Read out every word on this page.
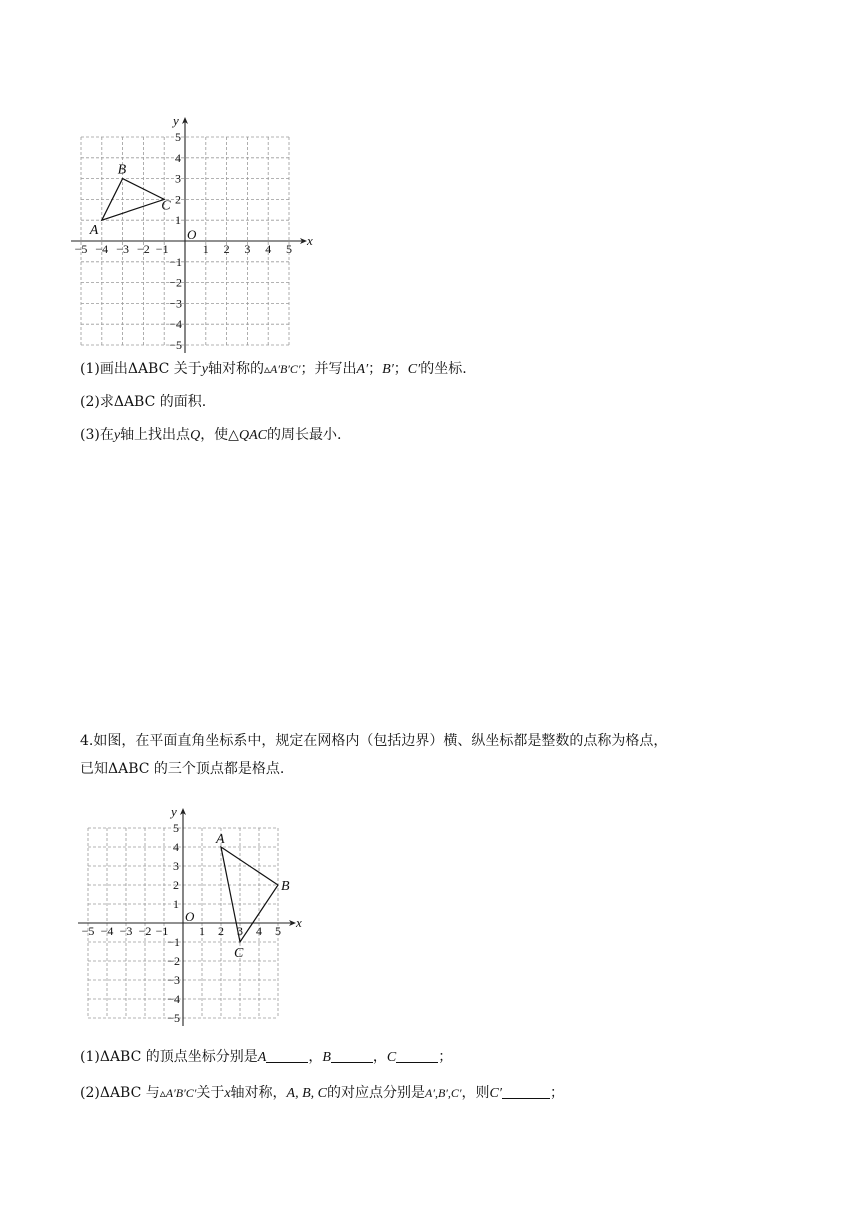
−5 −4 −3 −2 −1	1 2 3 4 5
5
4
3
2
1
−1
−2
−3
−4
−5
O	x
y
A
B
C
(1)画出ΔABC 关于y轴对称的▵A′B′C′；并写出A′；B′；C′的坐标.
(2)求ΔABC 的面积.
(3)在y轴上找出点Q，使△QAC的周长最小.
4.如图，在平面直角坐标系中，规定在网格内（包括边界）横、纵坐标都是整数的点称为格点，
已知ΔABC 的三个顶点都是格点.
−5 −4 −3 −2 −1	1 2 3 4 5
5
4
3
2
1
−1
−2
−3
−4
−5
O	x
y
A
B
C
(1)ΔABC 的顶点坐标分别是A	，B	，C	；
(2)ΔABC 与▵A′B′C′关于x轴对称，A, B, C的对应点分别是A′,B′,C′，则C′	；
